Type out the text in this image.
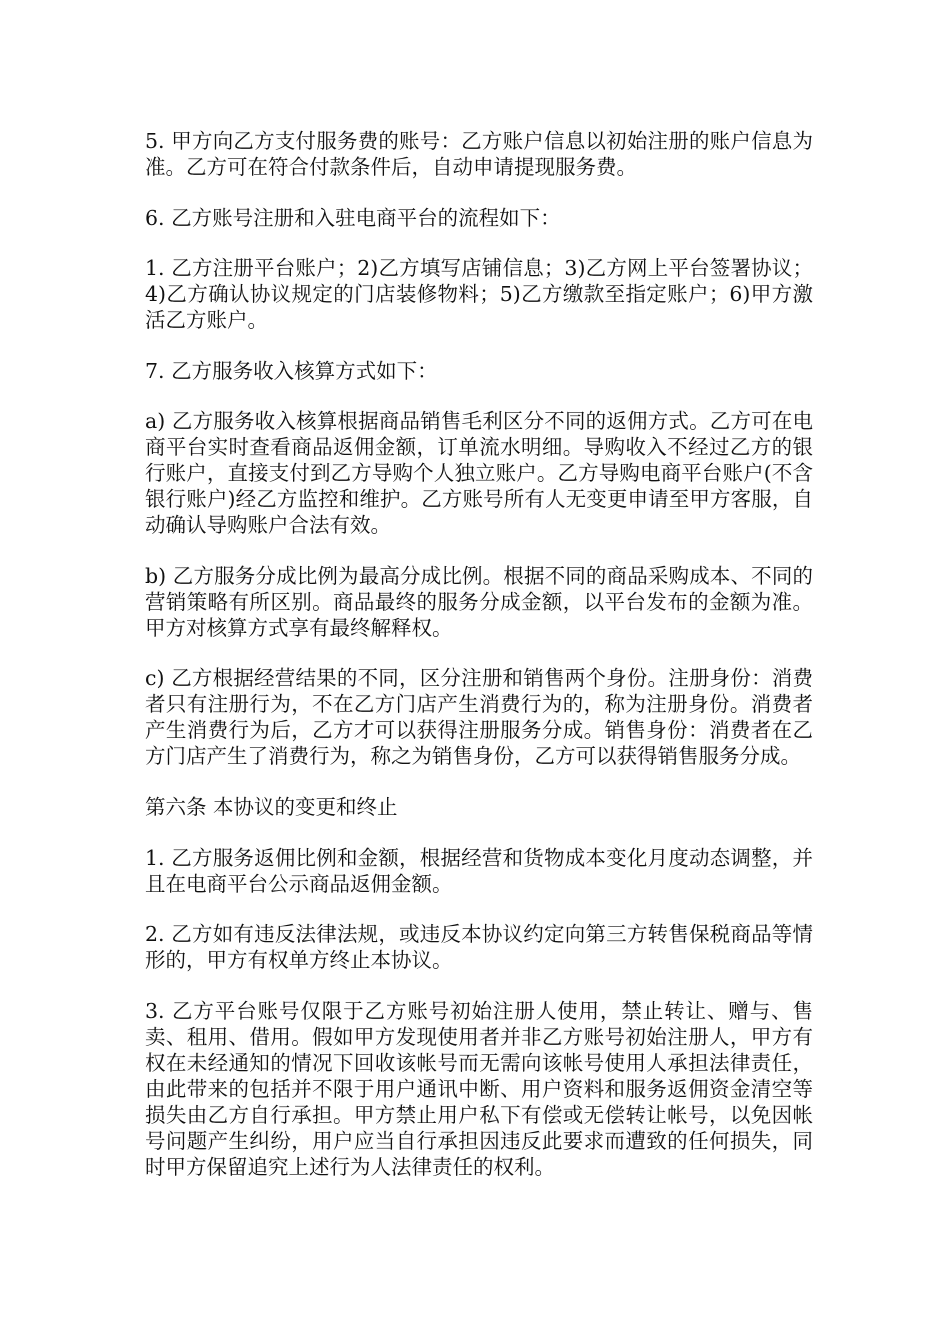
5. 甲方向乙方支付服务费的账号：乙方账户信息以初始注册的账户信息为准。乙方可在符合付款条件后，自动申请提现服务费。

6. 乙方账号注册和入驻电商平台的流程如下：

1. 乙方注册平台账户；2)乙方填写店铺信息；3)乙方网上平台签署协议；4)乙方确认协议规定的门店装修物料；5)乙方缴款至指定账户；6)甲方激活乙方账户。

7. 乙方服务收入核算方式如下：

a) 乙方服务收入核算根据商品销售毛利区分不同的返佣方式。乙方可在电商平台实时查看商品返佣金额，订单流水明细。导购收入不经过乙方的银行账户，直接支付到乙方导购个人独立账户。乙方导购电商平台账户(不含银行账户)经乙方监控和维护。乙方账号所有人无变更申请至甲方客服，自动确认导购账户合法有效。

b) 乙方服务分成比例为最高分成比例。根据不同的商品采购成本、不同的营销策略有所区别。商品最终的服务分成金额，以平台发布的金额为准。甲方对核算方式享有最终解释权。

c) 乙方根据经营结果的不同，区分注册和销售两个身份。注册身份：消费者只有注册行为，不在乙方门店产生消费行为的，称为注册身份。消费者产生消费行为后，乙方才可以获得注册服务分成。销售身份：消费者在乙方门店产生了消费行为，称之为销售身份，乙方可以获得销售服务分成。

第六条 本协议的变更和终止

1. 乙方服务返佣比例和金额，根据经营和货物成本变化月度动态调整，并且在电商平台公示商品返佣金额。

2. 乙方如有违反法律法规，或违反本协议约定向第三方转售保税商品等情形的，甲方有权单方终止本协议。

3. 乙方平台账号仅限于乙方账号初始注册人使用，禁止转让、赠与、售卖、租用、借用。假如甲方发现使用者并非乙方账号初始注册人，甲方有权在未经通知的情况下回收该帐号而无需向该帐号使用人承担法律责任，由此带来的包括并不限于用户通讯中断、用户资料和服务返佣资金清空等损失由乙方自行承担。甲方禁止用户私下有偿或无偿转让帐号，以免因帐号问题产生纠纷，用户应当自行承担因违反此要求而遭致的任何损失，同时甲方保留追究上述行为人法律责任的权利。
